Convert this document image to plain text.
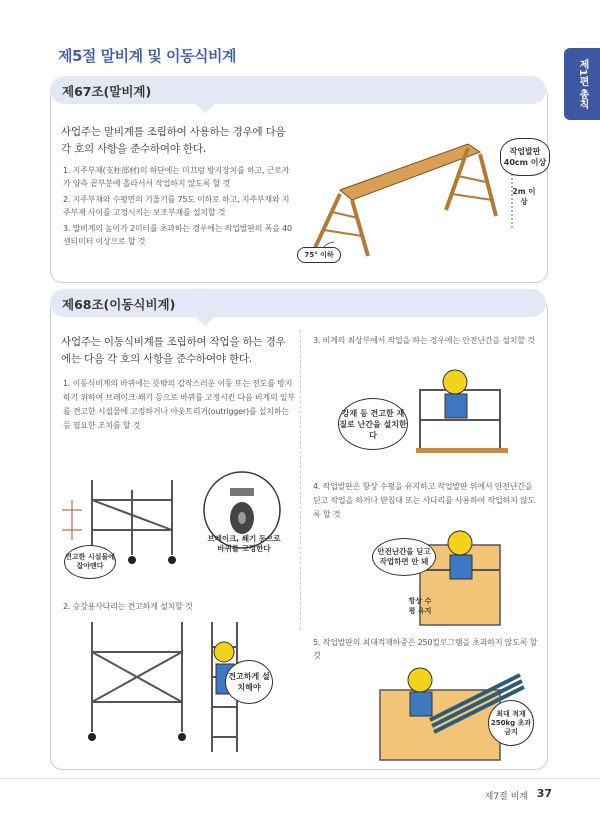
제5절 말비계 및 이동식비계
제1편 총칙
제67조(말비계)
사업주는 말비계를 조립하여 사용하는 경우에 다음 각 호의 사항을 준수하여야 한다.
1. 지주부재(支柱部材)의 하단에는 미끄럼 방지장치를 하고, 근로자가 양측 끝부분에 올라서서 작업하지 않도록 할 것
2. 지주부재와 수평면의 기울기를 75도 이하로 하고, 지주부재와 지주부재 사이를 고정시키는 보조부재를 설치할 것
3. 말비계의 높이가 2미터를 초과하는 경우에는 작업발판의 폭을 40센티미터 이상으로 할 것
작업발판 40cm 이상
2m 이상
75° 이하
제68조(이동식비계)
사업주는 이동식비계를 조립하여 작업을 하는 경우에는 다음 각 호의 사항을 준수하여야 한다.
1. 이동식비계의 바퀴에는 뜻밖의 갑작스러운 이동 또는 전도를 방지하기 위하여 브레이크·쐐기 등으로 바퀴를 고정시킨 다음 비계의 일부를 견고한 시설물에 고정하거나 아웃트리거(outrigger)를 설치하는 등 필요한 조치를 할 것
견고한 시설물에 잡아맨다
브레이크, 쐐기 등으로 바퀴를 고정한다
2. 승강용사다리는 견고하게 설치할 것
견고하게 설치해야
3. 비계의 최상부에서 작업을 하는 경우에는 안전난간을 설치할 것
강재 등 견고한 재질로 난간을 설치한다
4. 작업발판은 항상 수평을 유지하고 작업발판 위에서 안전난간을 딛고 작업을 하거나 받침대 또는 사다리를 사용하여 작업하지 않도록 할 것
안전난간을 딛고 작업하면 안 돼
항상 수평 유지
5. 작업발판의 최대적재하중은 250킬로그램을 초과하지 않도록 할 것
최대 적재 250kg 초과 금지
제7절 비계 37
